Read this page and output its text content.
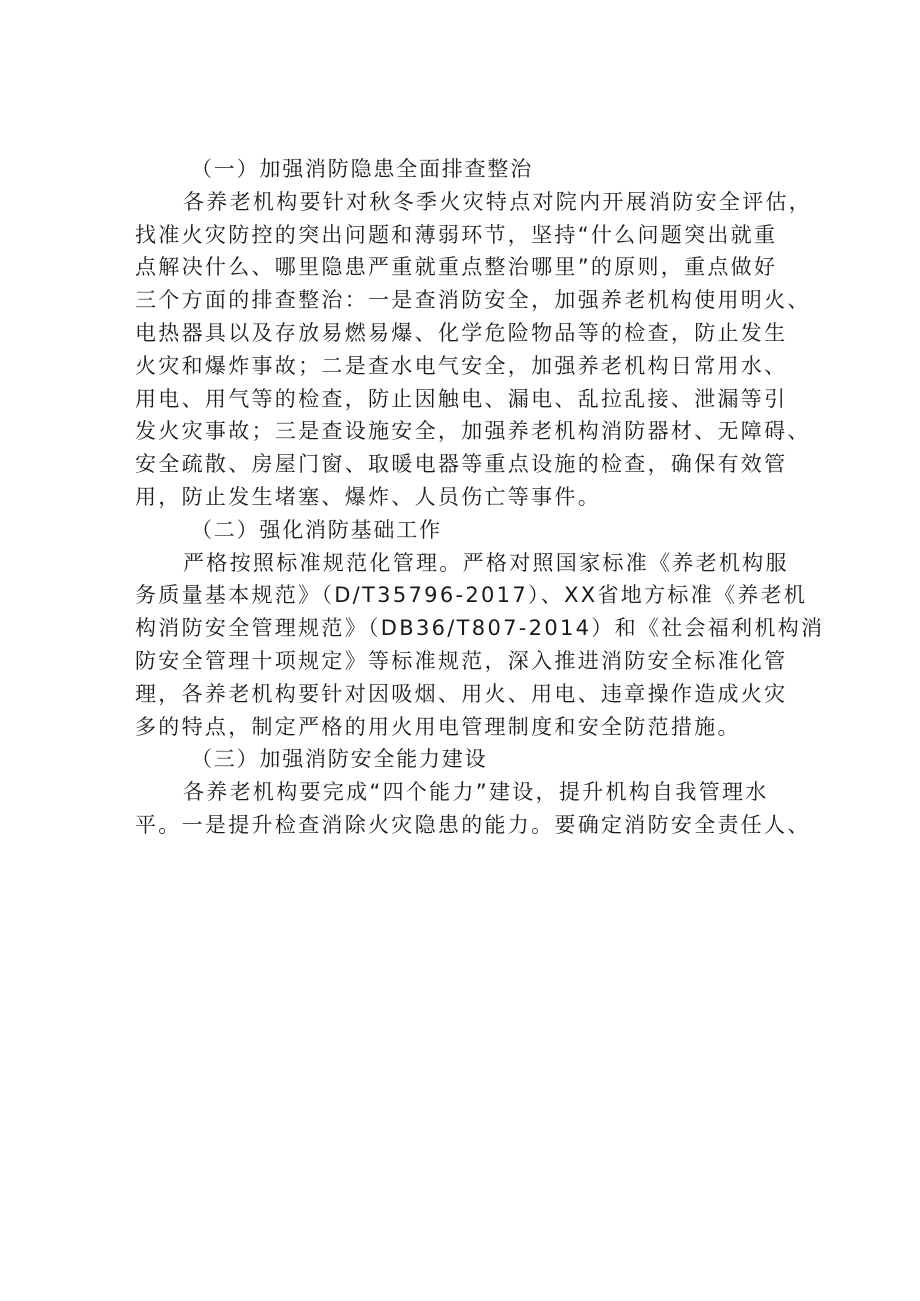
（一）加强消防隐患全面排查整治
各养老机构要针对秋冬季火灾特点对院内开展消防安全评估，
找准火灾防控的突出问题和薄弱环节，坚持“什么问题突出就重
点解决什么、哪里隐患严重就重点整治哪里”的原则，重点做好
三个方面的排查整治：一是查消防安全，加强养老机构使用明火、
电热器具以及存放易燃易爆、化学危险物品等的检查，防止发生
火灾和爆炸事故；二是查水电气安全，加强养老机构日常用水、
用电、用气等的检查，防止因触电、漏电、乱拉乱接、泄漏等引
发火灾事故；三是查设施安全，加强养老机构消防器材、无障碍、
安全疏散、房屋门窗、取暖电器等重点设施的检查，确保有效管
用，防止发生堵塞、爆炸、人员伤亡等事件。
（二）强化消防基础工作
严格按照标准规范化管理。严格对照国家标准《养老机构服
务质量基本规范》（D/T35796-2017）、XX省地方标准《养老机
构消防安全管理规范》（DB36/T807-2014）和《社会福利机构消
防安全管理十项规定》等标准规范，深入推进消防安全标准化管
理，各养老机构要针对因吸烟、用火、用电、违章操作造成火灾
多的特点，制定严格的用火用电管理制度和安全防范措施。
（三）加强消防安全能力建设
各养老机构要完成“四个能力”建设，提升机构自我管理水
平。一是提升检查消除火灾隐患的能力。要确定消防安全责任人、
